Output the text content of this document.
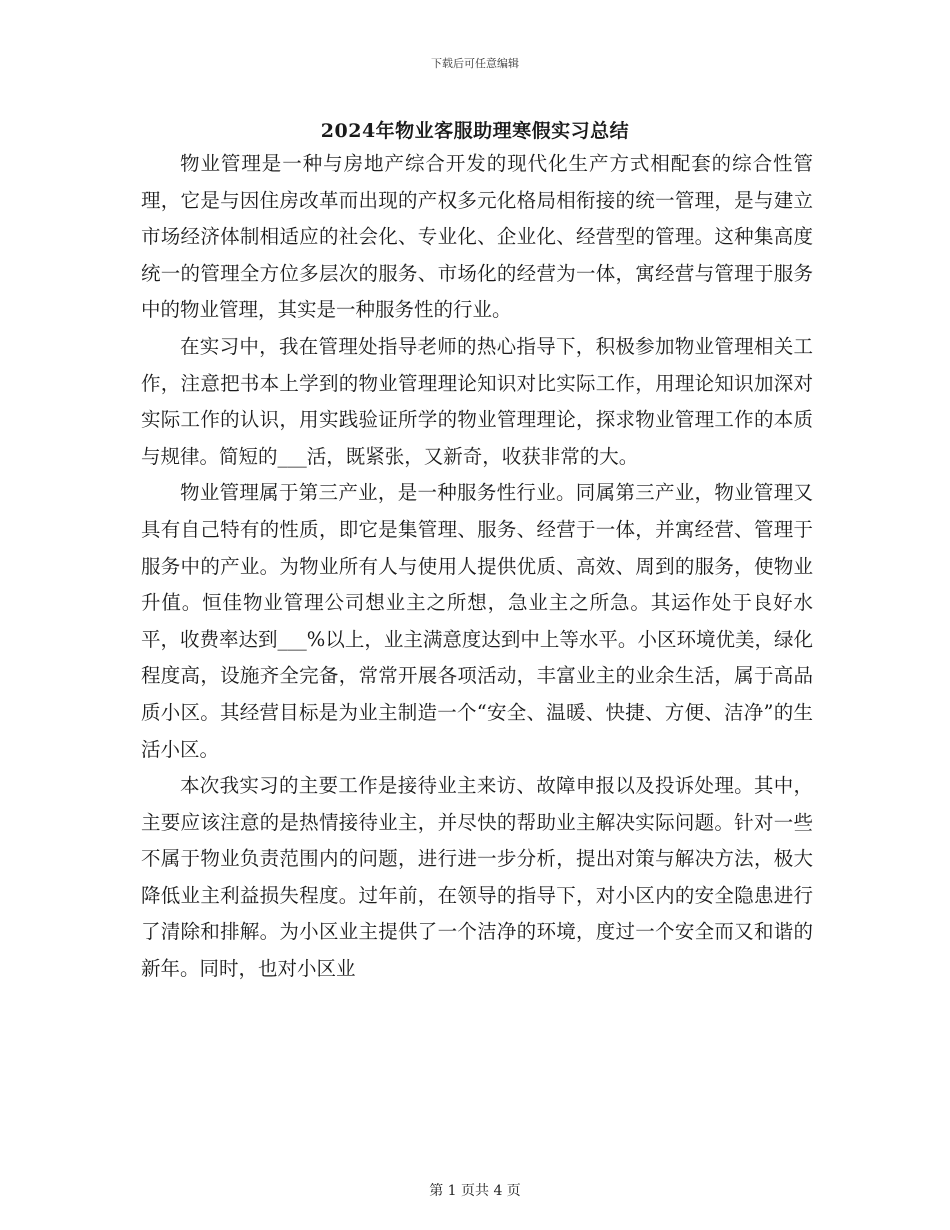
下载后可任意编辑
2024年物业客服助理寒假实习总结

物业管理是一种与房地产综合开发的现代化生产方式相配套的综合性管理，它是与因住房改革而出现的产权多元化格局相衔接的统一管理，是与建立市场经济体制相适应的社会化、专业化、企业化、经营型的管理。这种集高度统一的管理全方位多层次的服务、市场化的经营为一体，寓经营与管理于服务中的物业管理，其实是一种服务性的行业。

在实习中，我在管理处指导老师的热心指导下，积极参加物业管理相关工作，注意把书本上学到的物业管理理论知识对比实际工作，用理论知识加深对实际工作的认识，用实践验证所学的物业管理理论，探求物业管理工作的本质与规律。简短的___活，既紧张，又新奇，收获非常的大。

物业管理属于第三产业，是一种服务性行业。同属第三产业，物业管理又具有自己特有的性质，即它是集管理、服务、经营于一体，并寓经营、管理于服务中的产业。为物业所有人与使用人提供优质、高效、周到的服务，使物业升值。恒佳物业管理公司想业主之所想，急业主之所急。其运作处于良好水平，收费率达到___%以上，业主满意度达到中上等水平。小区环境优美，绿化程度高，设施齐全完备，常常开展各项活动，丰富业主的业余生活，属于高品质小区。其经营目标是为业主制造一个“安全、温暖、快捷、方便、洁净”的生活小区。

本次我实习的主要工作是接待业主来访、故障申报以及投诉处理。其中，主要应该注意的是热情接待业主，并尽快的帮助业主解决实际问题。针对一些不属于物业负责范围内的问题，进行进一步分析，提出对策与解决方法，极大降低业主利益损失程度。过年前，在领导的指导下，对小区内的安全隐患进行了清除和排解。为小区业主提供了一个洁净的环境，度过一个安全而又和谐的新年。同时，也对小区业

第 1 页共 4 页
